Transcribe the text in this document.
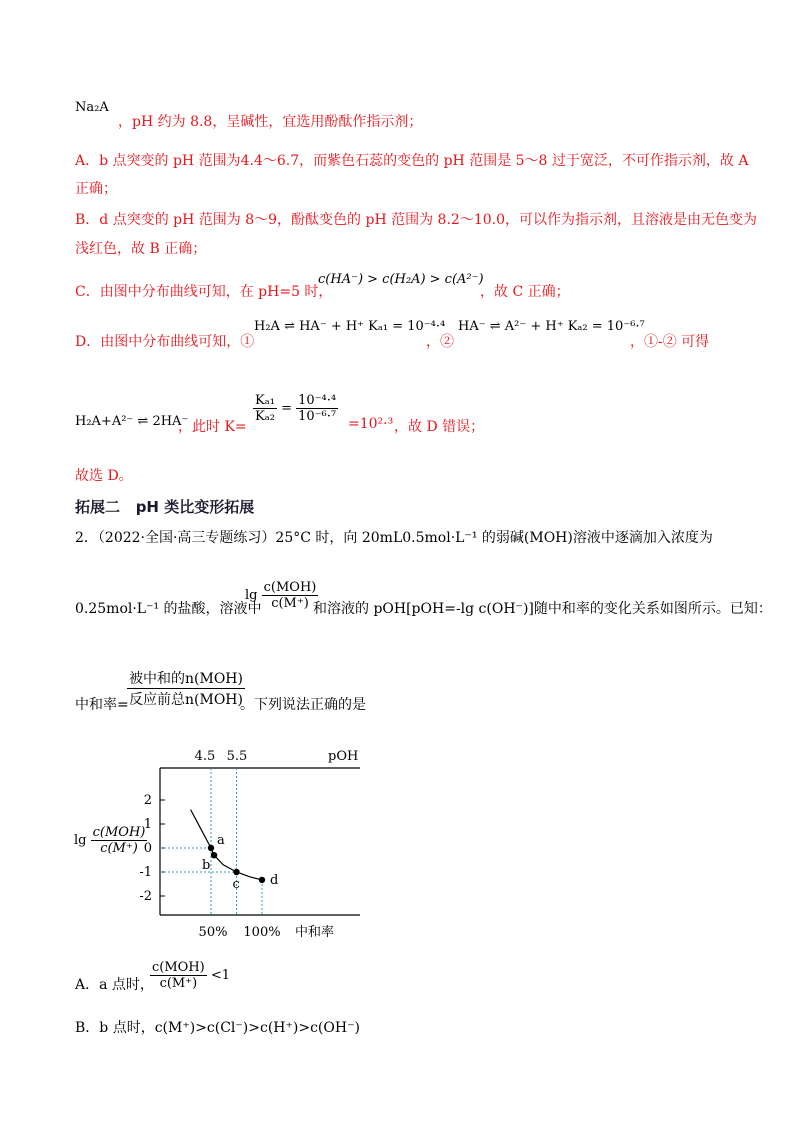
Na₂A
，pH 约为 8.8，呈碱性，宜选用酚酞作指示剂；
A．b 点突变的 pH 范围为4.4～6.7，而紫色石蕊的变色的 pH 范围是 5～8 过于宽泛，不可作指示剂，故 A
正确；
B．d 点突变的 pH 范围为 8～9，酚酞变色的 pH 范围为 8.2～10.0，可以作为指示剂，且溶液是由无色变为
浅红色，故 B 正确；
C．由图中分布曲线可知，在 pH=5 时，
c(HA⁻) > c(H₂A) > c(A²⁻)
，故 C 正确；
D．由图中分布曲线可知，①
H₂A ⇌ HA⁻ + H⁺ Kₐ₁ = 10⁻⁴·⁴
，②
HA⁻ ⇌ A²⁻ + H⁺ Kₐ₂ = 10⁻⁶·⁷
，①-② 可得
H₂A+A²⁻ ⇌ 2HA⁻
，此时 K=
$\frac{\text{Kₐ₁}}{\text{Kₐ₂}} = \frac{\text{10⁻⁴·⁴}}{\text{10⁻⁶·⁷}} =10^2\cdot^3$ ，故 D 错误；
故选 D。
拓展二 pH 类比变形拓展
2．（2022·全国·高三专题练习）25°C 时，向 20mL0.5mol·L⁻¹ 的弱碱(MOH)溶液中逐滴加入浓度为
0.25mol·L⁻¹ 的盐酸，溶液中
$\lg \frac{\text{c(MOH)}}{c(M^+)}$
和溶液的 pOH[pOH=-lg c(OH⁻)]随中和率的变化关系如图所示。已知：
中和率=
$\frac{\text{被中和的n(MOH)}}{\text{反应前总n(MOH)}}$
。下列说法正确的是
2
1
0
-1
-2
a
b
c d
4.5 5.5	pOH
50% 100% 中和率
$\lg \frac{\text{c(MOH)}}{c(M^+)}$
A．a 点时，
$\frac{\text{c(MOH)}}{c(M^+)} <1$
B．b 点时，c(M⁺)>c(Cl⁻)>c(H⁺)>c(OH⁻)
